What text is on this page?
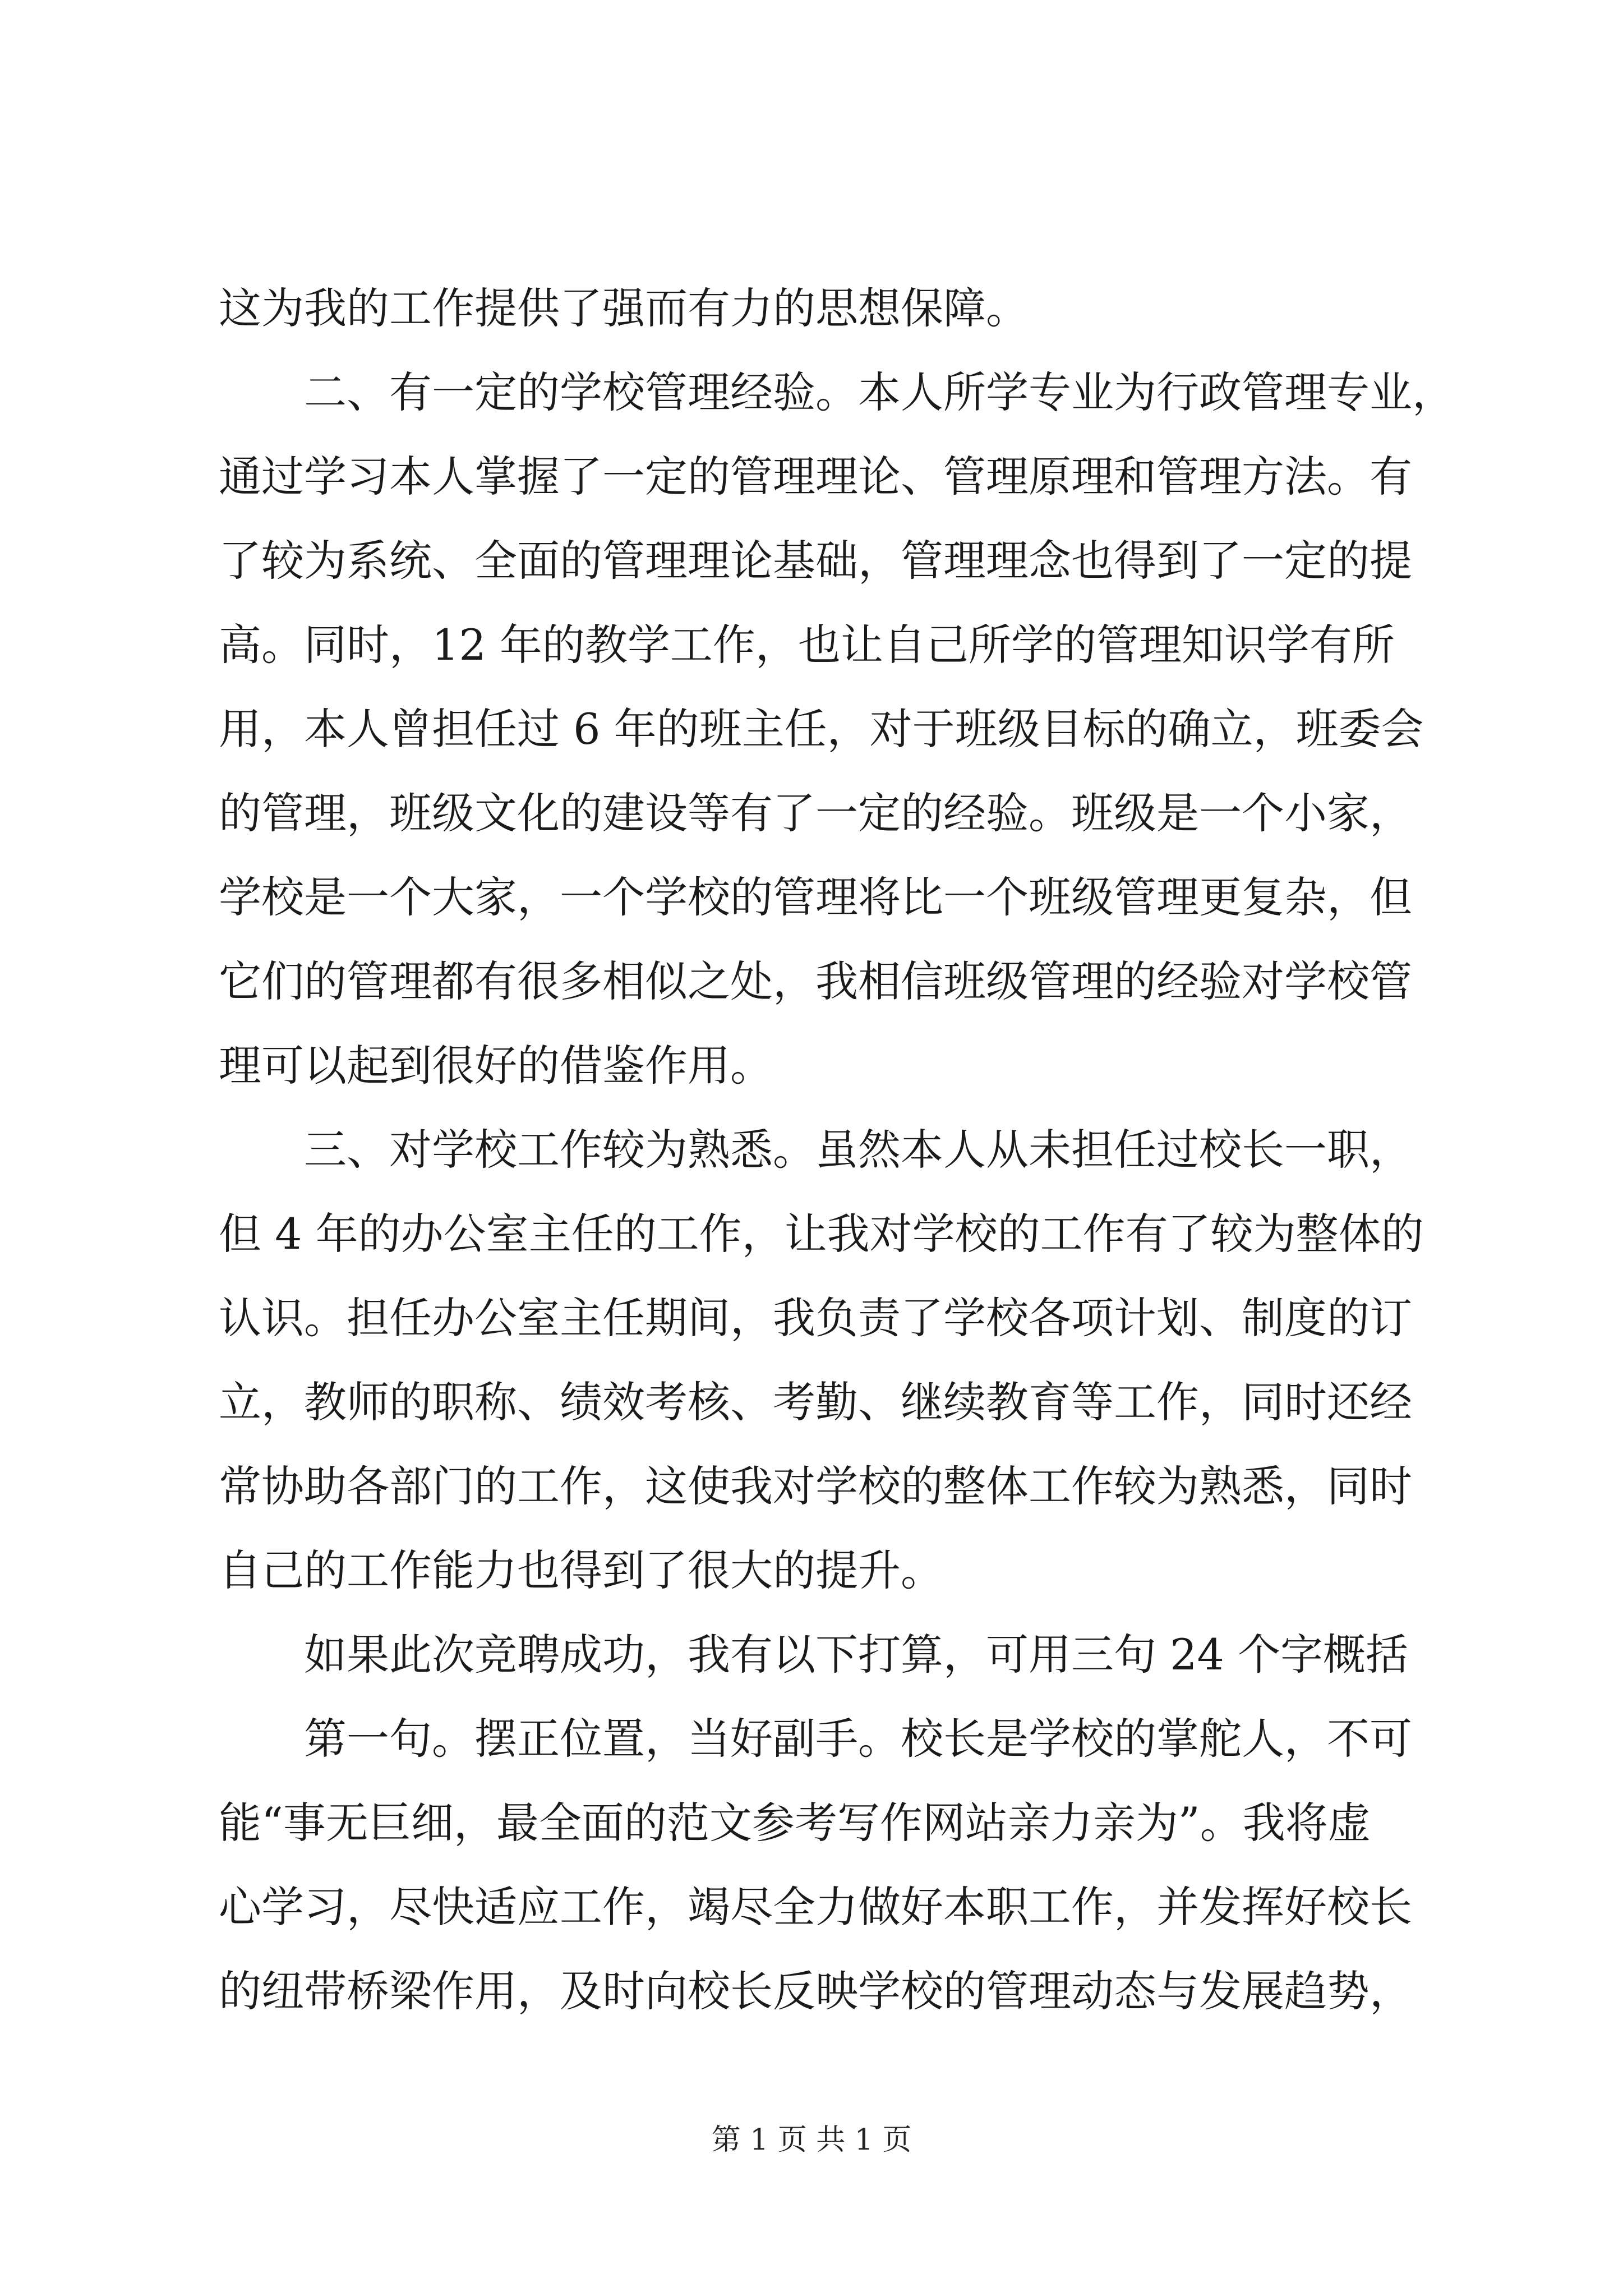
这为我的工作提供了强而有力的思想保障。
　　二、有一定的学校管理经验。本人所学专业为行政管理专业，
通过学习本人掌握了一定的管理理论、管理原理和管理方法。有
了较为系统、全面的管理理论基础，管理理念也得到了一定的提
高。同时，12 年的教学工作，也让自己所学的管理知识学有所
用，本人曾担任过 6 年的班主任，对于班级目标的确立，班委会
的管理，班级文化的建设等有了一定的经验。班级是一个小家，
学校是一个大家，一个学校的管理将比一个班级管理更复杂，但
它们的管理都有很多相似之处，我相信班级管理的经验对学校管
理可以起到很好的借鉴作用。
　　三、对学校工作较为熟悉。虽然本人从未担任过校长一职，
但 4 年的办公室主任的工作，让我对学校的工作有了较为整体的
认识。担任办公室主任期间，我负责了学校各项计划、制度的订
立，教师的职称、绩效考核、考勤、继续教育等工作，同时还经
常协助各部门的工作，这使我对学校的整体工作较为熟悉，同时
自己的工作能力也得到了很大的提升。
　　如果此次竞聘成功，我有以下打算，可用三句 24 个字概括
　　第一句。摆正位置，当好副手。校长是学校的掌舵人，不可
能“事无巨细，最全面的范文参考写作网站亲力亲为”。我将虚
心学习，尽快适应工作，竭尽全力做好本职工作，并发挥好校长
的纽带桥梁作用，及时向校长反映学校的管理动态与发展趋势，
第 1 页 共 1 页
